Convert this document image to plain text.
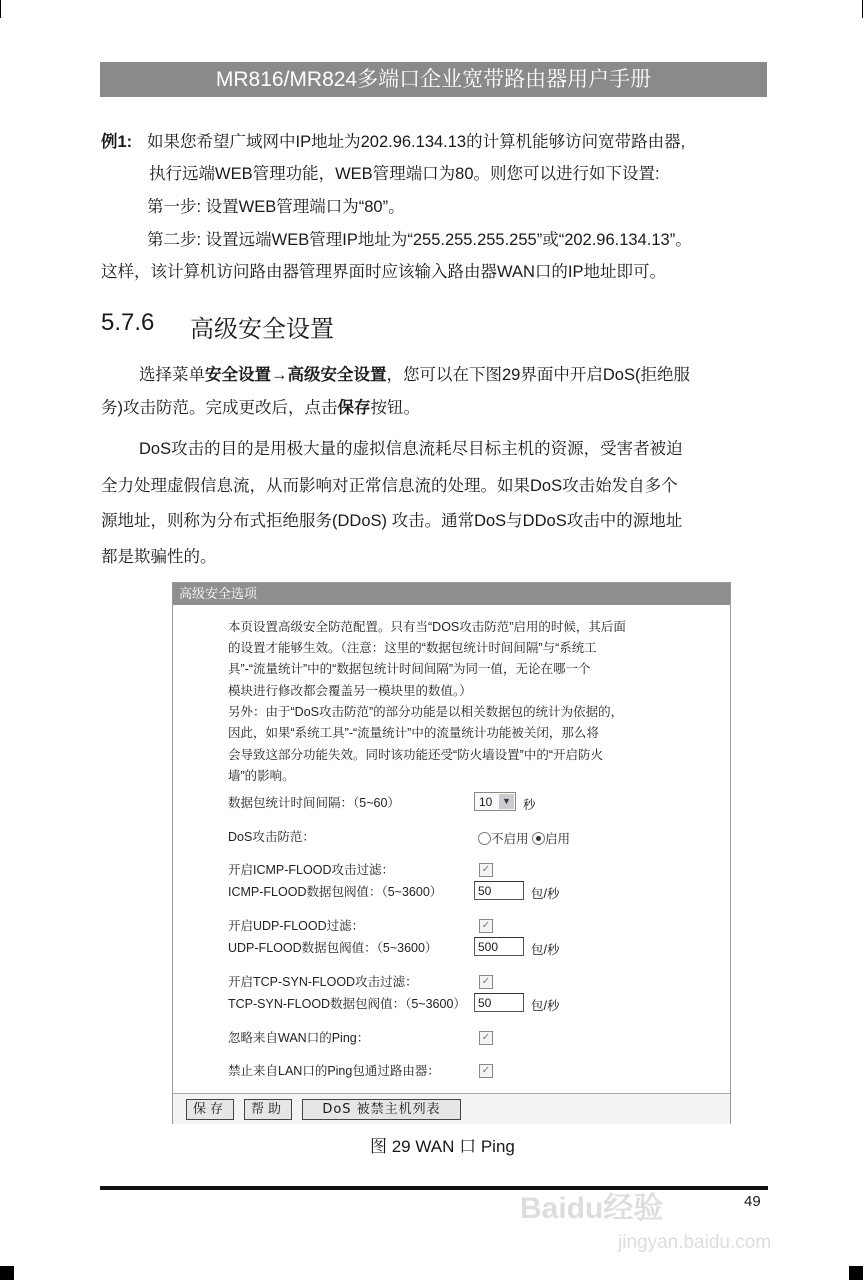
MR816/MR824多端口企业宽带路由器用户手册
例1: 如果您希望广域网中IP地址为202.96.134.13的计算机能够访问宽带路由器,
执行远端WEB管理功能，WEB管理端口为80。则您可以进行如下设置:
第一步: 设置WEB管理端口为“80”。
第二步: 设置远端WEB管理IP地址为“255.255.255.255”或“202.96.134.13”。
这样，该计算机访问路由器管理界面时应该输入路由器WAN口的IP地址即可。
5.7.6 高级安全设置
选择菜单安全设置→高级安全设置，您可以在下图29界面中开启DoS(拒绝服
务)攻击防范。完成更改后，点击保存按钮。
DoS攻击的目的是用极大量的虚拟信息流耗尽目标主机的资源，受害者被迫
全力处理虚假信息流，从而影响对正常信息流的处理。如果DoS攻击始发自多个
源地址，则称为分布式拒绝服务(DDoS) 攻击。通常DoS与DDoS攻击中的源地址
都是欺骗性的。
高级安全选项
本页设置高级安全防范配置。只有当“DOS攻击防范”启用的时候，其后面
的设置才能够生效。（注意：这里的“数据包统计时间间隔”与“系统工
具”-“流量统计”中的“数据包统计时间间隔”为同一值，无论在哪一个
模块进行修改都会覆盖另一模块里的数值。）
另外：由于“DoS攻击防范”的部分功能是以相关数据包的统计为依据的，
因此，如果“系统工具”-“流量统计”中的流量统计功能被关闭，那么将
会导致这部分功能失效。同时该功能还受“防火墙设置”中的“开启防火
墙”的影响。
数据包统计时间间隔：（5~60）	10	▼ 秒
DoS攻击防范：	不启用 启用
开启ICMP-FLOOD攻击过滤：	✓
ICMP-FLOOD数据包阀值：（5~3600）	50	包/秒
开启UDP-FLOOD过滤：	✓
UDP-FLOOD数据包阀值：（5~3600）	500	包/秒
开启TCP-SYN-FLOOD攻击过滤：	✓
TCP-SYN-FLOOD数据包阀值：（5~3600）	50	包/秒
忽略来自WAN口的Ping：	✓
禁止来自LAN口的Ping包通过路由器：	✓
保存	帮助	DoS 被禁主机列表
图 29 WAN 口 Ping
Baidu经验
jingyan.baidu.com
49
